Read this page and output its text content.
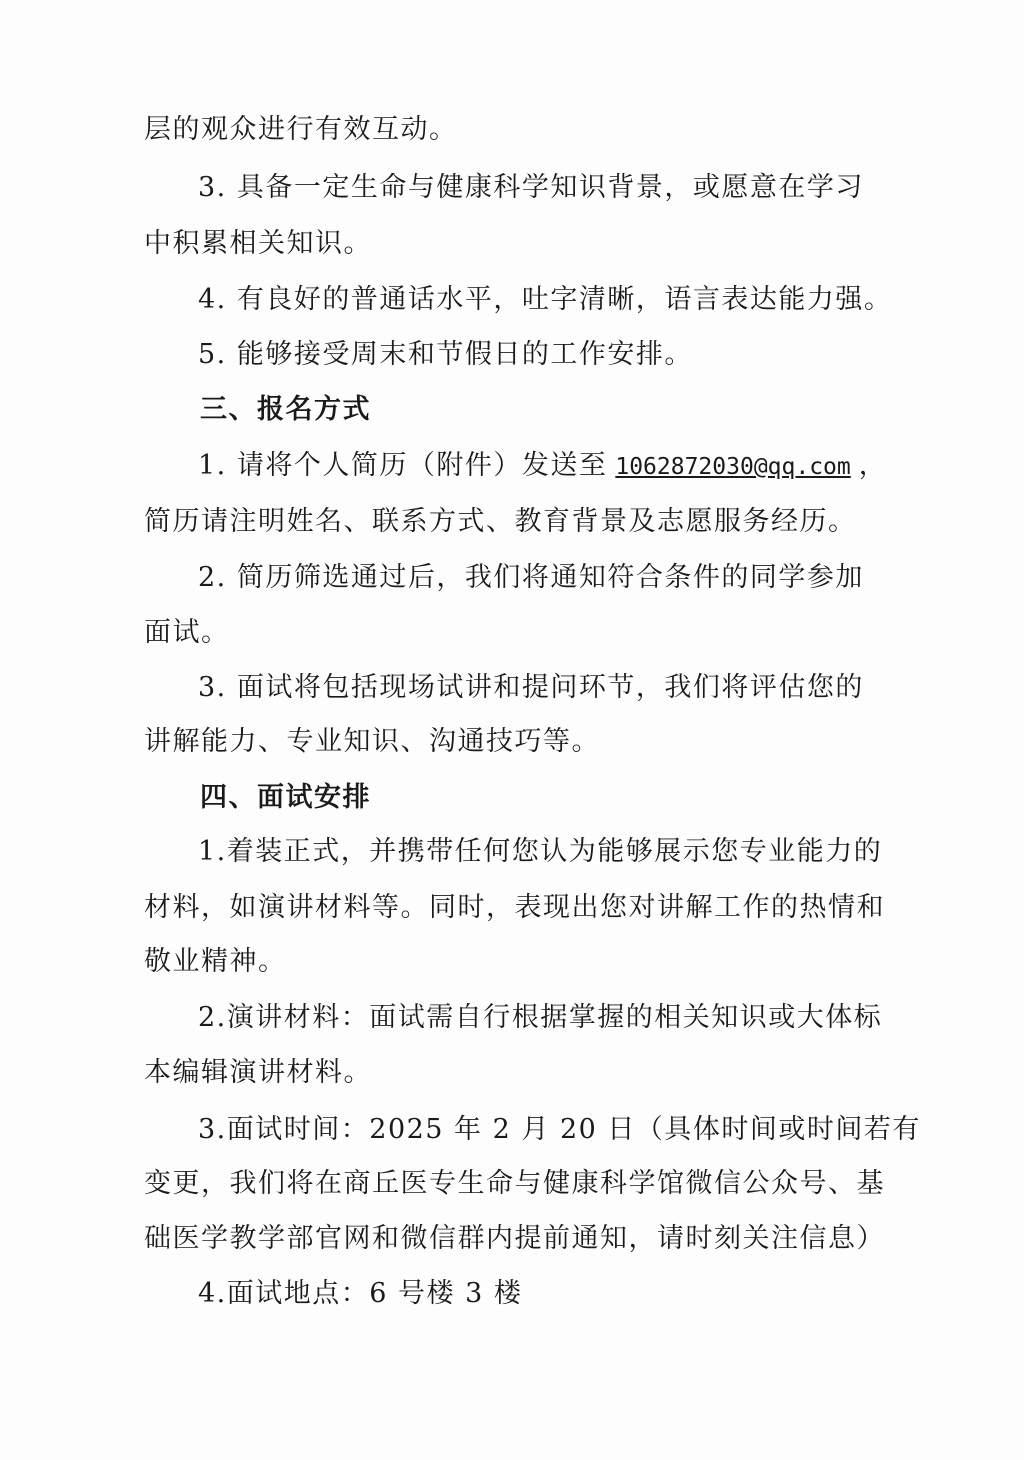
层的观众进行有效互动。
3. 具备一定生命与健康科学知识背景，或愿意在学习
中积累相关知识。
4. 有良好的普通话水平，吐字清晰，语言表达能力强。
5. 能够接受周末和节假日的工作安排。
三、报名方式
1. 请将个人简历（附件）发送至 1062872030@qq.com ，
简历请注明姓名、联系方式、教育背景及志愿服务经历。
2. 简历筛选通过后，我们将通知符合条件的同学参加
面试。
3. 面试将包括现场试讲和提问环节，我们将评估您的
讲解能力、专业知识、沟通技巧等。
四、面试安排
1.着装正式，并携带任何您认为能够展示您专业能力的
材料，如演讲材料等。同时，表现出您对讲解工作的热情和
敬业精神。
2.演讲材料：面试需自行根据掌握的相关知识或大体标
本编辑演讲材料。
3.面试时间：2025 年 2 月 20 日（具体时间或时间若有
变更，我们将在商丘医专生命与健康科学馆微信公众号、基
础医学教学部官网和微信群内提前通知，请时刻关注信息）
4.面试地点：6 号楼 3 楼
